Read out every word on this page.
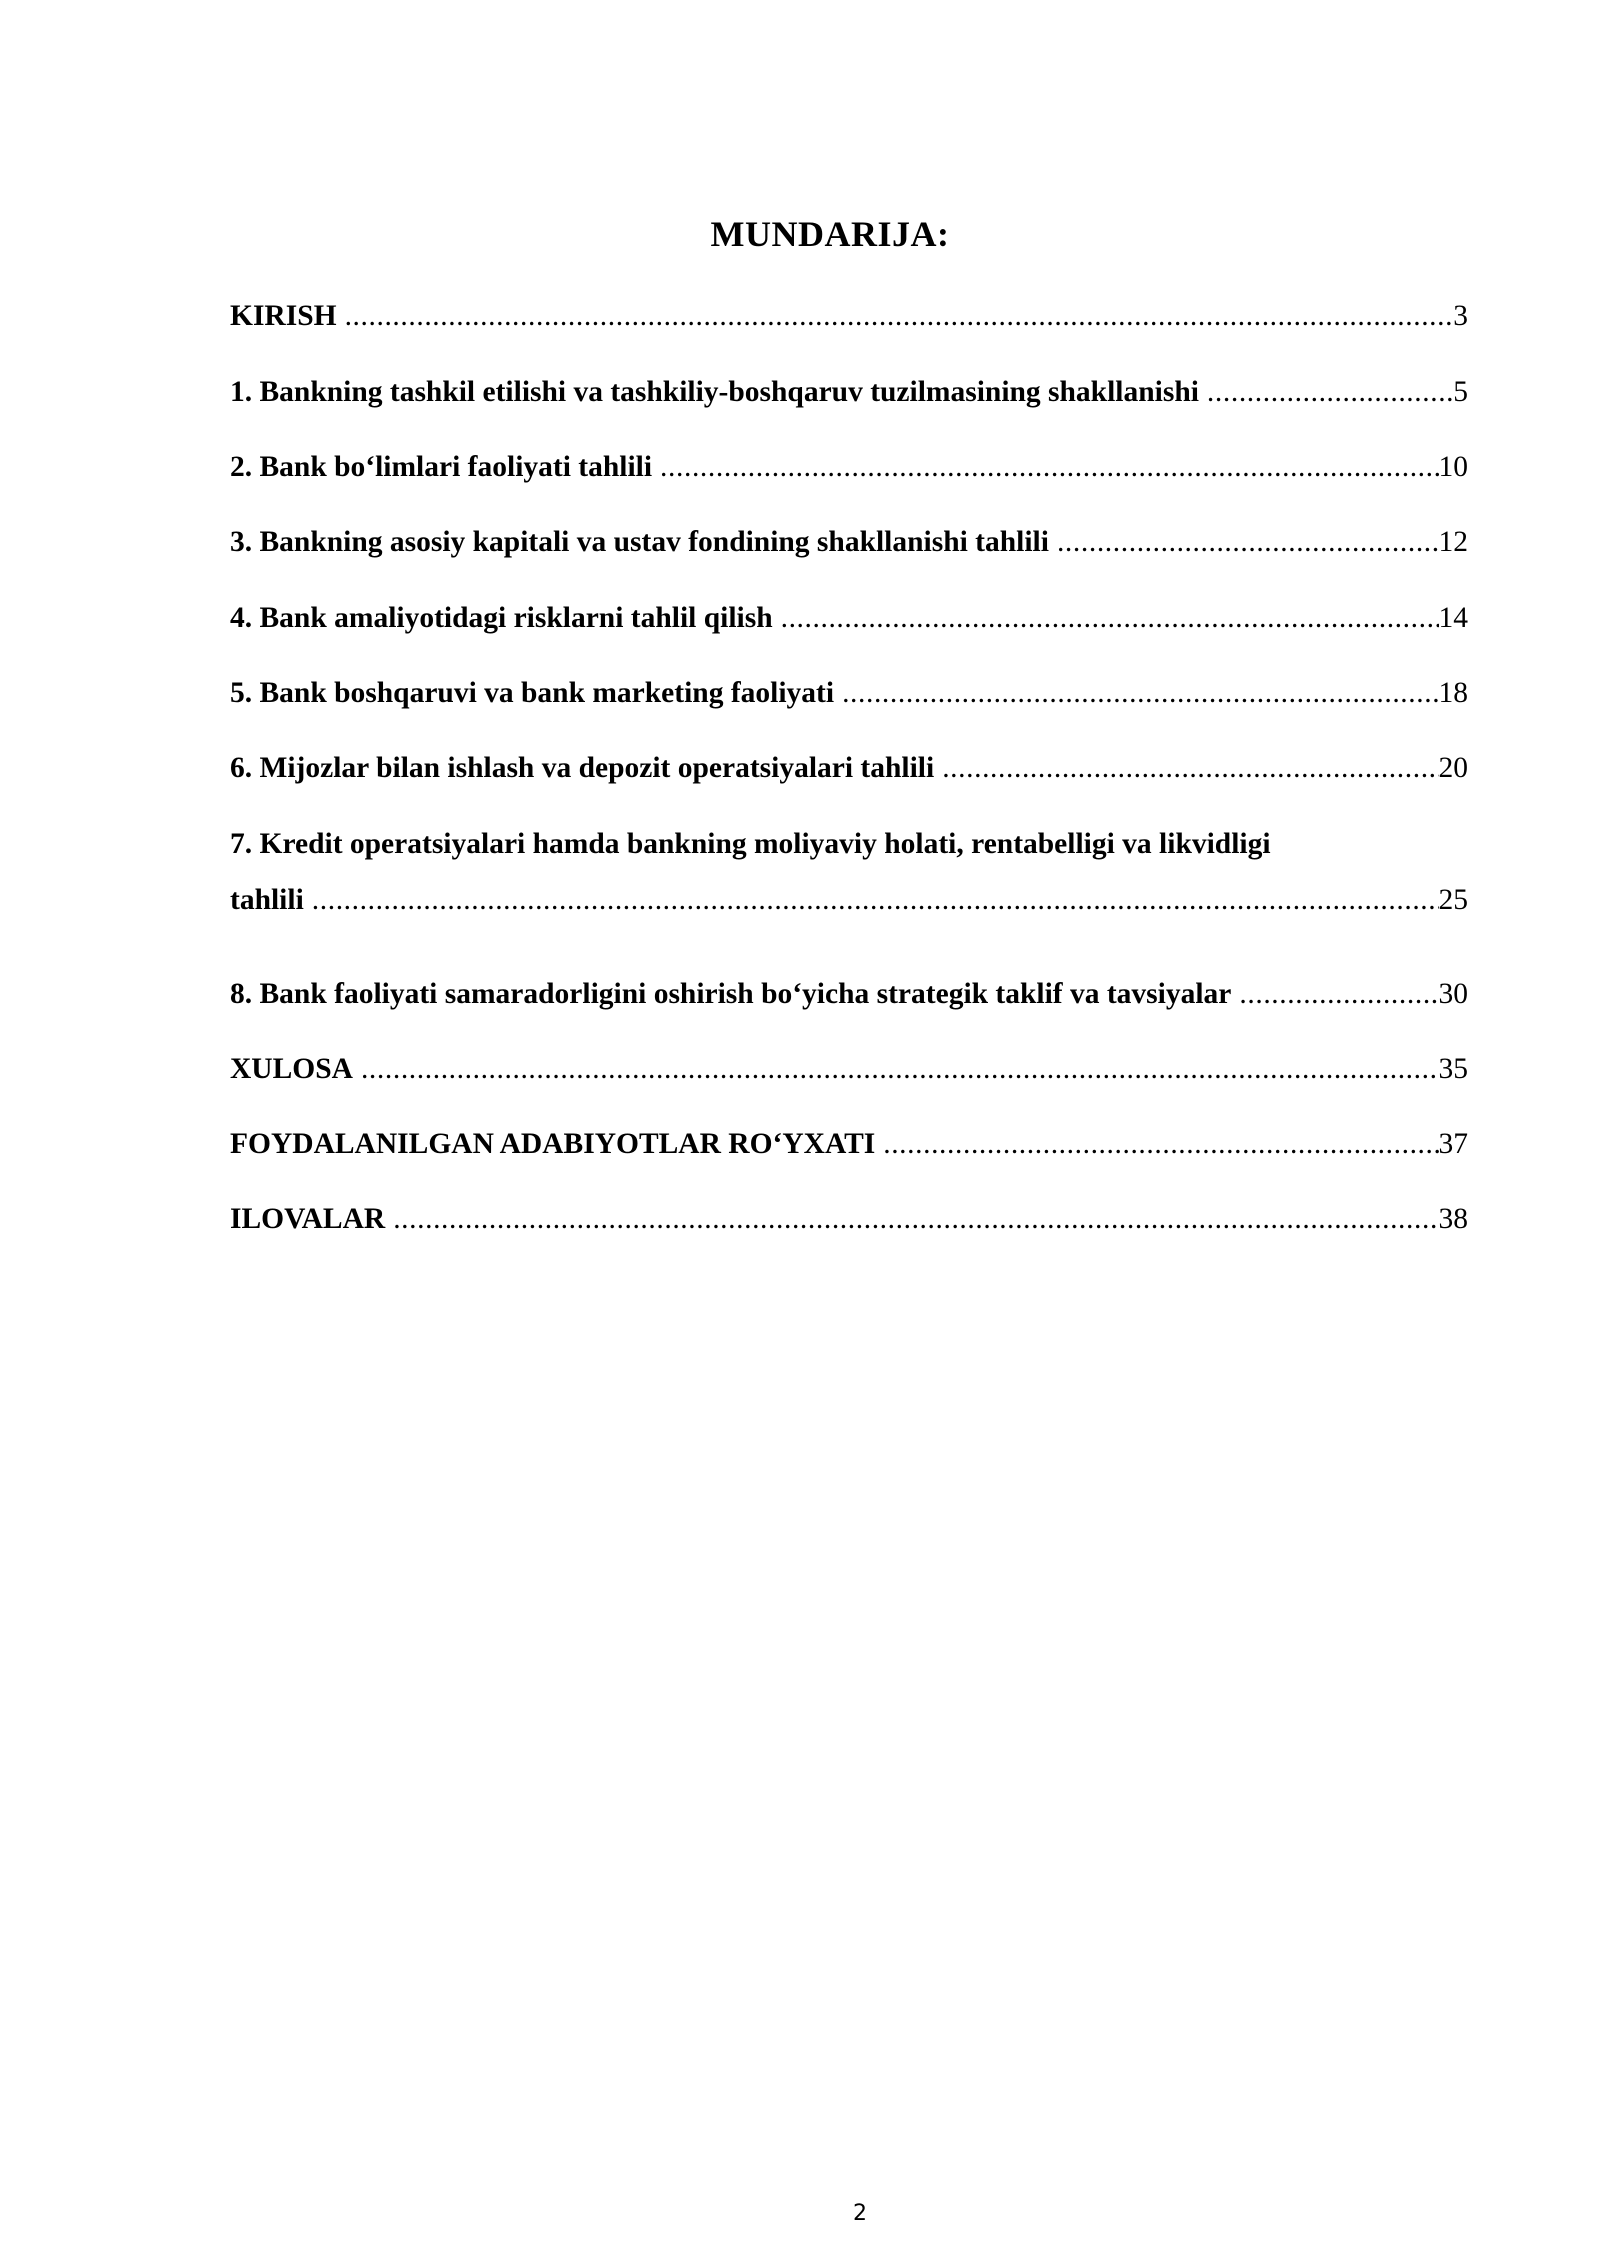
MUNDARIJA:
KIRISH .....	3
1. Bankning tashkil etilishi va tashkiliy-boshqaruv tuzilmasining shakllanishi .....	5
2. Bank bo‘limlari faoliyati tahlili .....	10
3. Bankning asosiy kapitali va ustav fondining shakllanishi tahlili .....	12
4. Bank amaliyotidagi risklarni tahlil qilish .....	14
5. Bank boshqaruvi va bank marketing faoliyati .....	18
6. Mijozlar bilan ishlash va depozit operatsiyalari tahlili .....	20
7. Kredit operatsiyalari hamda bankning moliyaviy holati, rentabelligi va likvidligi
tahlili .....	25
8. Bank faoliyati samaradorligini oshirish bo‘yicha strategik taklif va tavsiyalar .....	30
XULOSA .....	35
FOYDALANILGAN ADABIYOTLAR RO‘YXATI .....	37
ILOVALAR .....	38
2
